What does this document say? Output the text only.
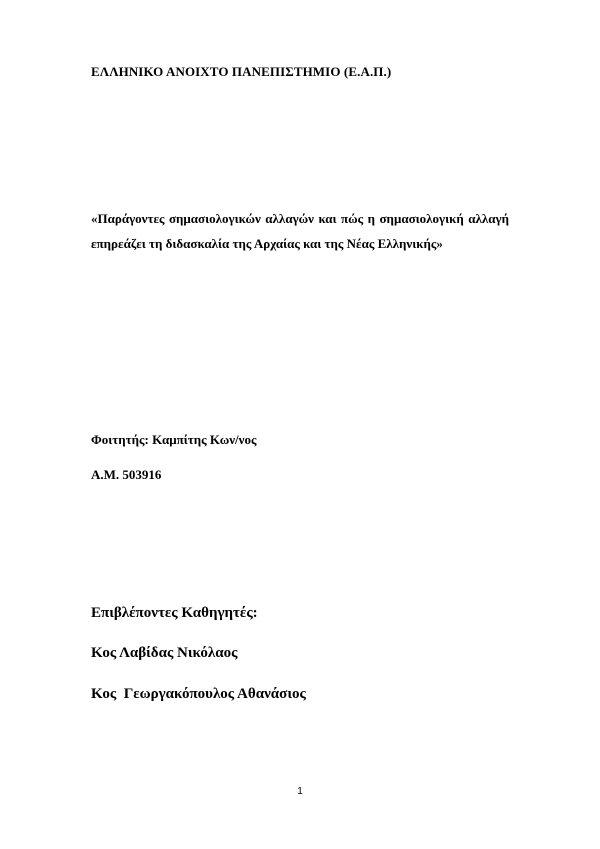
ΕΛΛΗΝΙΚΟ ΑΝΟΙΧΤΟ ΠΑΝΕΠΙΣΤΗΜΙΟ (Ε.Α.Π.)

«Παράγοντες σημασιολογικών αλλαγών και πώς η σημασιολογική αλλαγή επηρεάζει τη διδασκαλία της Αρχαίας και της Νέας Ελληνικής»

Φοιτητής: Καμπίτης Κων/νος

Α.Μ. 503916

Επιβλέποντες Καθηγητές:

Κος Λαβίδας Νικόλαος

Κος  Γεωργακόπουλος Αθανάσιος

1
